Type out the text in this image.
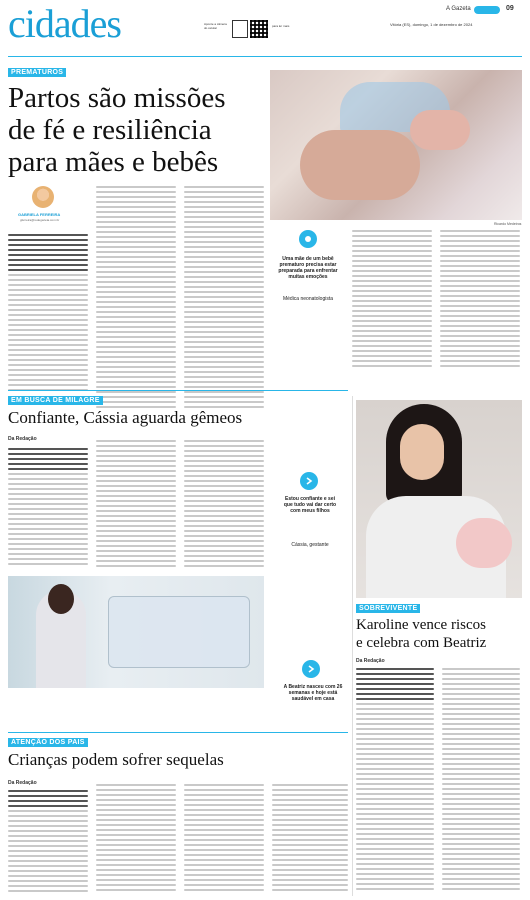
cidades	Aponte a câmera do celular	para ler mais
A Gazeta	09
Vitória (ES), domingo, 1 de dezembro de 2024
PREMATUROS
Partos são missões
de fé e resiliência
para mães e bebês
Ricardo Medeiros
GABRIELA FERREIRA
gferreira@redegazeta.com.br
Uma mãe de um bebê prematuro precisa estar preparada para enfrentar muitas emoções
Médica neonatologista
EM BUSCA DE MILAGRE
Confiante, Cássia aguarda gêmeos
Da Redação
Estou confiante e sei que tudo vai dar certo com meus filhos
Cássia, gestante
SOBREVIVENTE
Karoline vence riscos
e celebra com Beatriz
Da Redação
A Beatriz nasceu com 26 semanas e hoje está saudável em casa
ATENÇÃO DOS PAIS
Crianças podem sofrer sequelas
Da Redação
